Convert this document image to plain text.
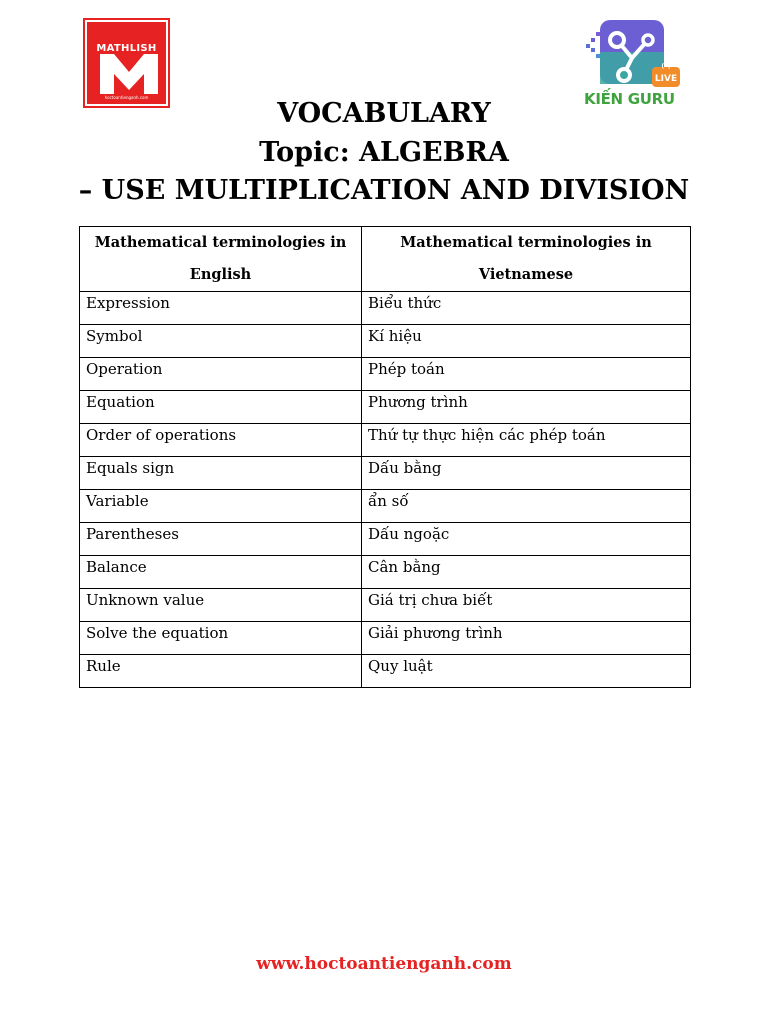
MATHLISH
hoctoantienganh.com
(•) LIVE
KIẾN GURU
VOCABULARY
Topic: ALGEBRA
– USE MULTIPLICATION AND DIVISION
Mathematical terminologies in English	Mathematical terminologies in Vietnamese
Expression	Biểu thức
Symbol	Kí hiệu
Operation	Phép toán
Equation	Phương trình
Order of operations	Thứ tự thực hiện các phép toán
Equals sign	Dấu bằng
Variable	ẩn số
Parentheses	Dấu ngoặc
Balance	Cân bằng
Unknown value	Giá trị chưa biết
Solve the equation	Giải phương trình
Rule	Quy luật
www.hoctoantienganh.com
